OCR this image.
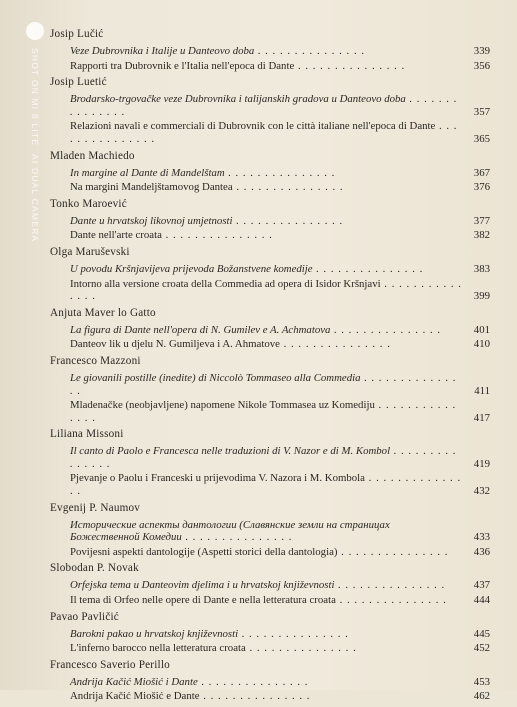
SHOT ON MI 8 LITE
AI DUAL CAMERA
Josip Lučić
Veze Dubrovnika i Italije u Danteovo doba . .	339
Rapporti tra Dubrovnik e l'Italia nell'epoca di Dante . .	356
Josip Luetić
Brodarsko-trgovačke veze Dubrovnika i talijanskih gradova u Danteovo doba . .
357
Relazioni navali e commerciali di Dubrovnik con le città italiane nell'epoca di Dante . .
365
Mladen Machiedo
In margine al Dante di Mandelštam . .	367
Na margini Mandeljštamovog Dantea . .	376
Tonko Maroević
Dante u hrvatskoj likovnoj umjetnosti . .	377
Dante nell'arte croata . .	382
Olga Maruševski
U povodu Kršnjavijeva prijevoda Božanstvene komedije . .	383
Intorno alla versione croata della Commedia ad opera di Isidor Kršnjavi . .
399
Anjuta Maver lo Gatto
La figura di Dante nell'opera di N. Gumilev e A. Achmatova . .	401
Danteov lik u djelu N. Gumiljeva i A. Ahmatove . .	410
Francesco Mazzoni
Le giovanili postille (inedite) di Niccolò Tommaseo alla Commedia . .
411
Mladenačke (neobjavljene) napomene Nikole Tommasea uz Komediju . .
417
Liliana Missoni
Il canto di Paolo e Francesca nelle traduzioni di V. Nazor e di M. Kombol . .
419
Pjevanje o Paolu i Franceski u prijevodima V. Nazora i M. Kombola . .
432
Evgenij P. Naumov
Исторические аспекты дантологии (Славянские земли на страницах Божественной Комедии . .	433
Povijesni aspekti dantologije (Aspetti storici della dantologia) . .	436
Slobodan P. Novak
Orfejska tema u Danteovim djelima i u hrvatskoj književnosti . .	437
Il tema di Orfeo nelle opere di Dante e nella letteratura croata . .	444
Pavao Pavličić
Barokni pakao u hrvatskoj književnosti . .	445
L'inferno barocco nella letteratura croata . .	452
Francesco Saverio Perillo
Andrija Kačić Miošić i Dante . .	453
Andrija Kačić Miošić e Dante . .	462
